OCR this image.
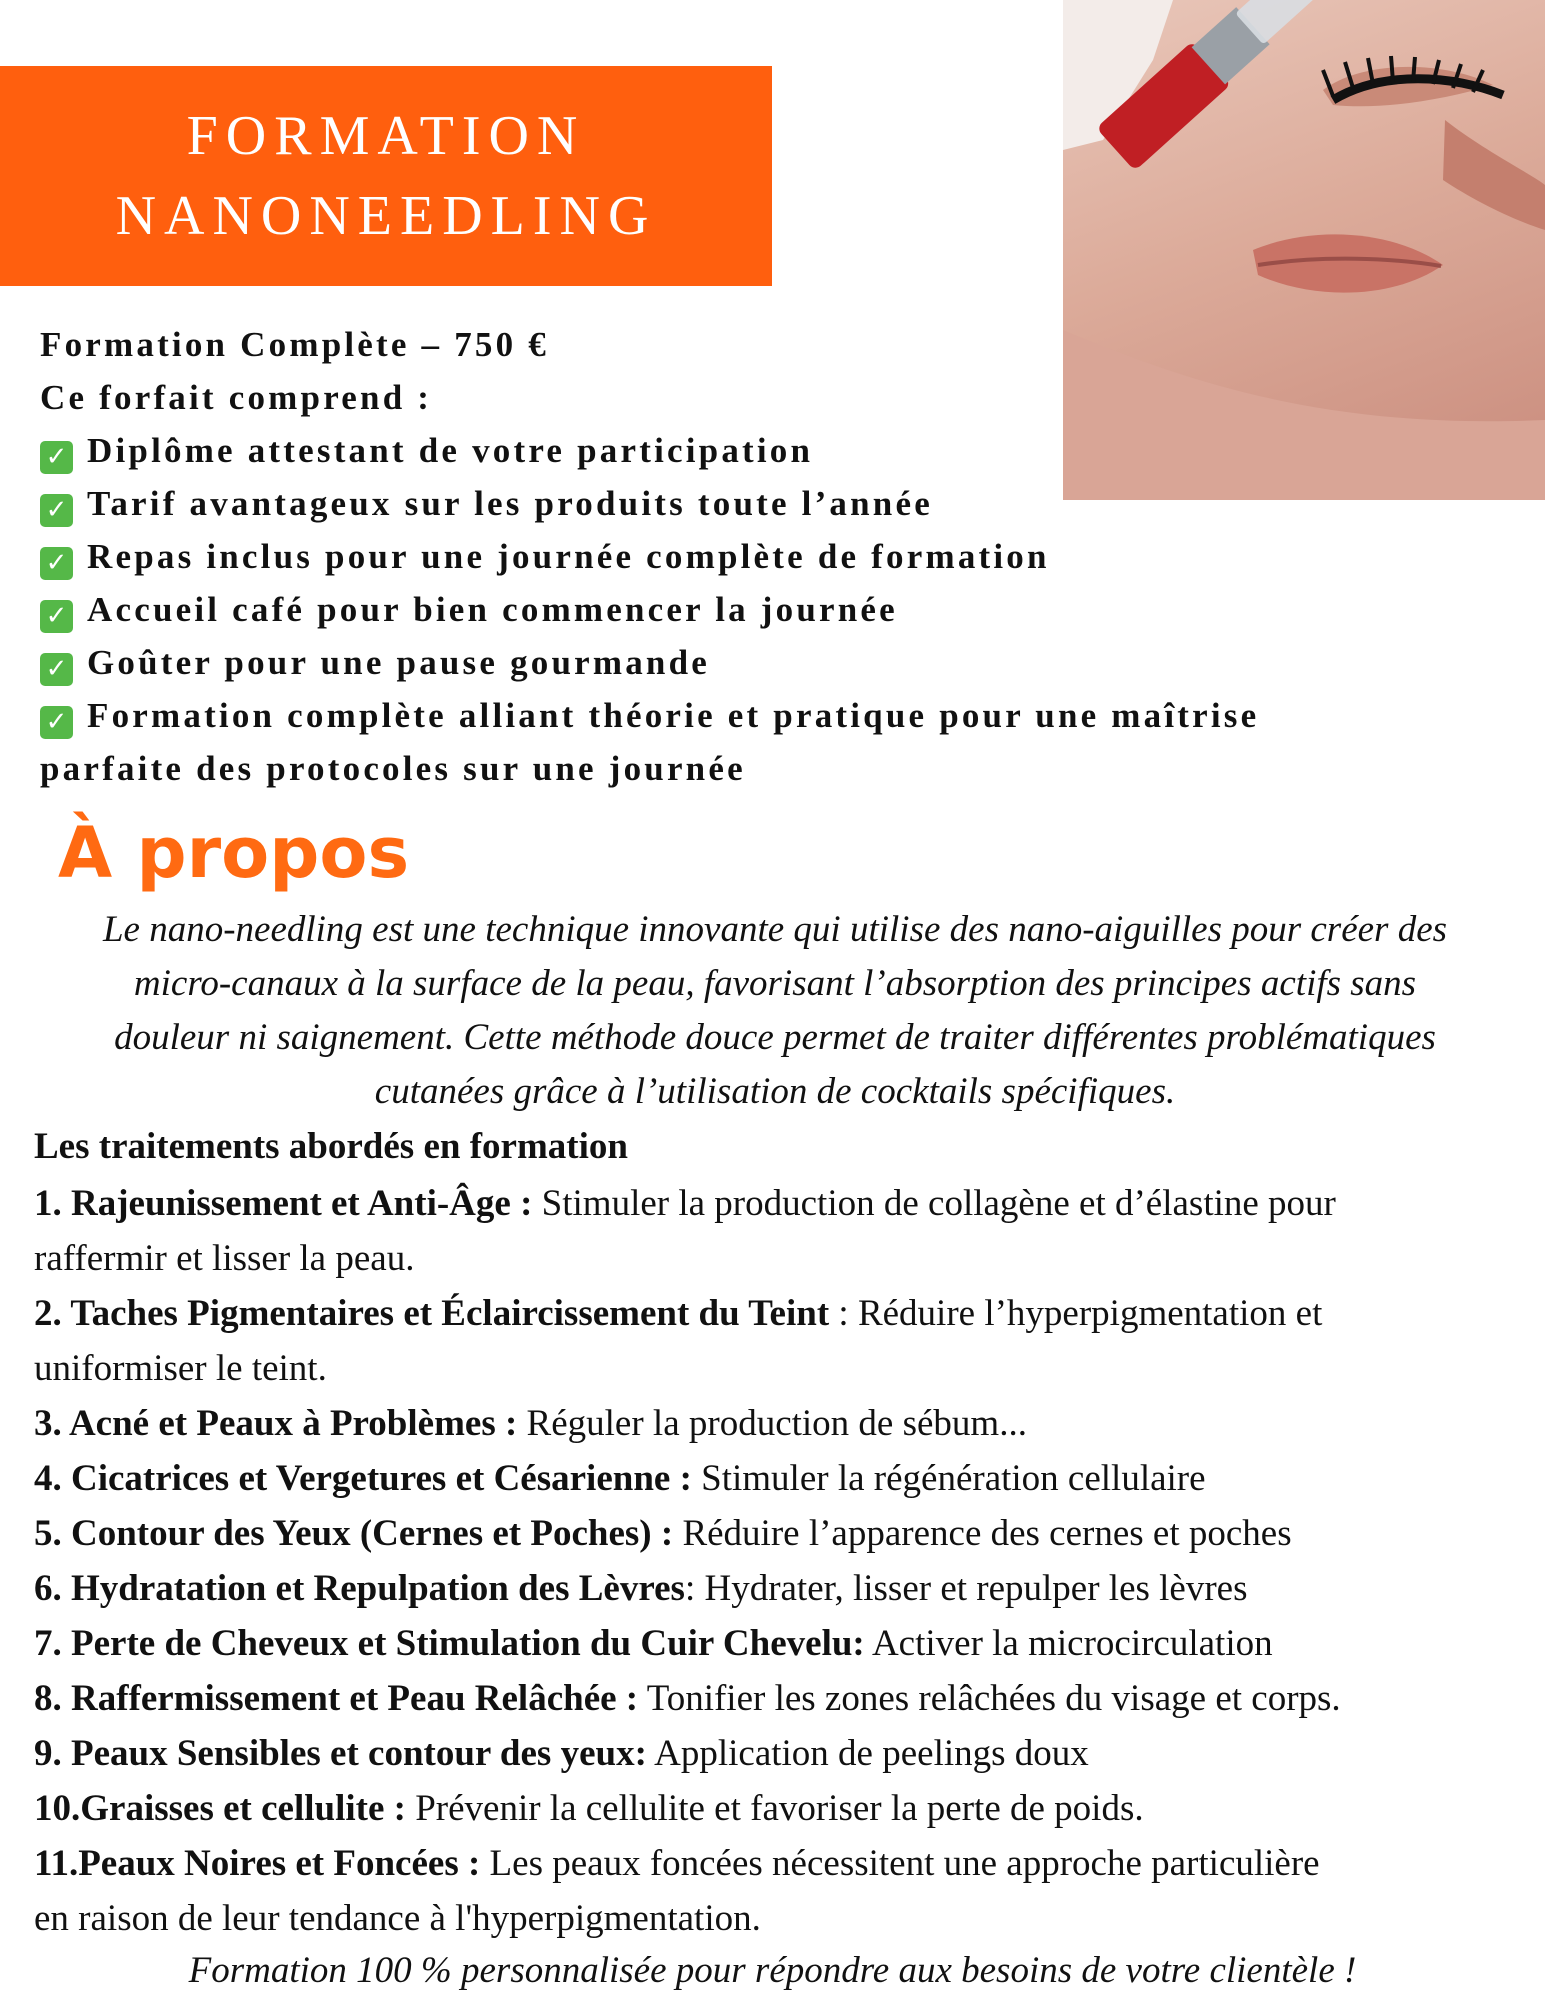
FORMATION
NANONEEDLING
Formation Complète – 750 €
Ce forfait comprend :
✓ Diplôme attestant de votre participation
✓ Tarif avantageux sur les produits toute l’année
✓ Repas inclus pour une journée complète de formation
✓ Accueil café pour bien commencer la journée
✓ Goûter pour une pause gourmande
✓ Formation complète alliant théorie et pratique pour une maîtrise
parfaite des protocoles sur une journée
À propos
Le nano-needling est une technique innovante qui utilise des nano-aiguilles pour créer des
micro-canaux à la surface de la peau, favorisant l’absorption des principes actifs sans
douleur ni saignement. Cette méthode douce permet de traiter différentes problématiques
cutanées grâce à l’utilisation de cocktails spécifiques.
Les traitements abordés en formation
1. Rajeunissement et Anti-Âge : Stimuler la production de collagène et d’élastine pour
raffermir et lisser la peau.
2. Taches Pigmentaires et Éclaircissement du Teint : Réduire l’hyperpigmentation et
uniformiser le teint.
3. Acné et Peaux à Problèmes : Réguler la production de sébum...
4. Cicatrices et Vergetures et Césarienne : Stimuler la régénération cellulaire
5. Contour des Yeux (Cernes et Poches) : Réduire l’apparence des cernes et poches
6. Hydratation et Repulpation des Lèvres: Hydrater, lisser et repulper les lèvres
7. Perte de Cheveux et Stimulation du Cuir Chevelu: Activer la microcirculation
8. Raffermissement et Peau Relâchée : Tonifier les zones relâchées du visage et corps.
9. Peaux Sensibles et contour des yeux: Application de peelings doux
10.Graisses et cellulite : Prévenir la cellulite et favoriser la perte de poids.
11.Peaux Noires et Foncées : Les peaux foncées nécessitent une approche particulière
en raison de leur tendance à l'hyperpigmentation.
Formation 100 % personnalisée pour répondre aux besoins de votre clientèle !
